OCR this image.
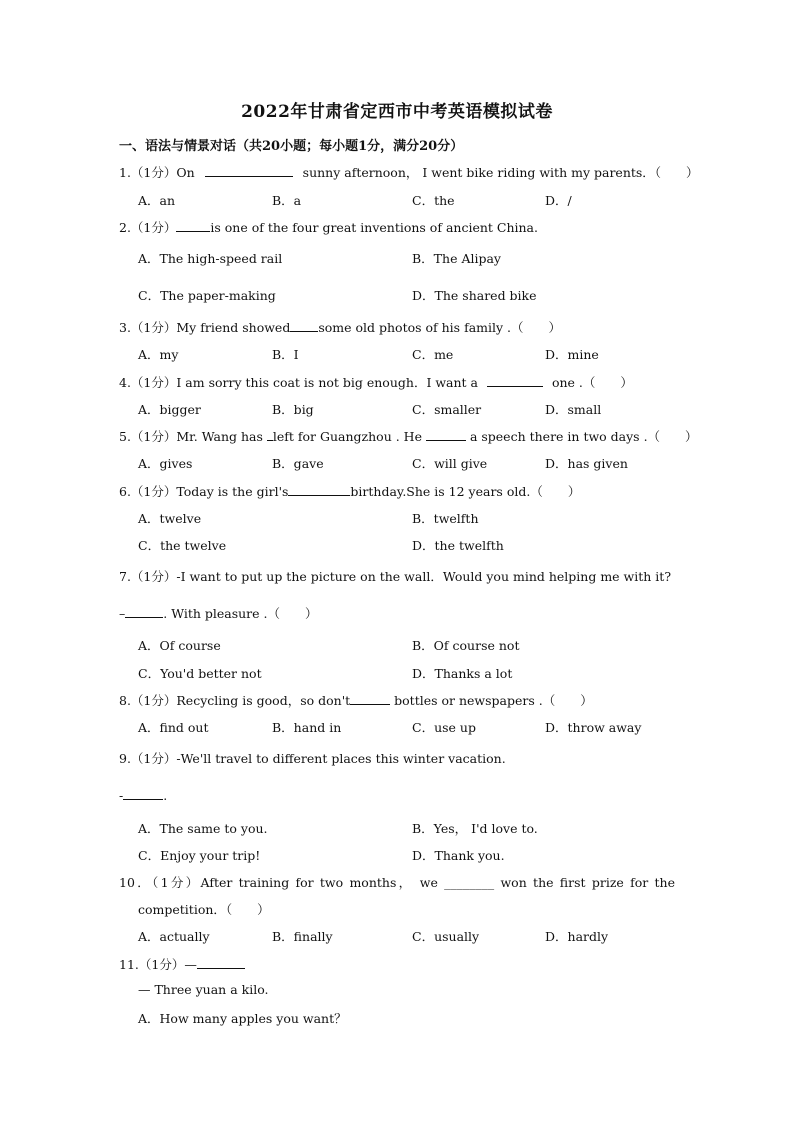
2022年甘肃省定西市中考英语模拟试卷
一、语法与情景对话（共20小题；每小题1分，满分20分）
1.（1分）On	sunny afternoon， I went bike riding with my parents．（　　）
A．an	B．a	C．the	D．/
2.（1分）	is one of the four great inventions of ancient China.
A．The high-speed rail	B．The Alipay
C．The paper-making	D．The shared bike
3.（1分）My friend showed some old photos of his family .（　　）
A．my	B．I	C．me	D．mine
4.（1分）I am sorry this coat is not big enough．I want a	one .（　　）
A．bigger	B．big	C．smaller	D．small
5.（1分）Mr. Wang has left for Guangzhou . He	a speech there in two days .（　　）
A．gives	B．gave	C．will give	D．has given
6.（1分）Today is the girl's	birthday.She is 12 years old.（　　）
A．twelve	B．twelfth
C．the twelve	D．the twelfth
7.（1分）-I want to put up the picture on the wall．Would you mind helping me with it?
–	. With pleasure .（　　）
A．Of course	B．Of course not
C．You'd better not	D．Thanks a lot
8.（1分）Recycling is good，so don't	bottles or newspapers .（　　）
A．find out	B．hand in	C．use up	D．throw away
9.（1分）-We'll travel to different places this winter vacation.
-	.
A．The same to you.	B．Yes， I'd love to.
C．Enjoy your trip!	D．Thank you.
10．（1分）After training for two months， we ________ won the first prize for the
competition．（　　）
A．actually	B．finally	C．usually	D．hardly
11.（1分）—
— Three yuan a kilo.
A．How many apples you want？
